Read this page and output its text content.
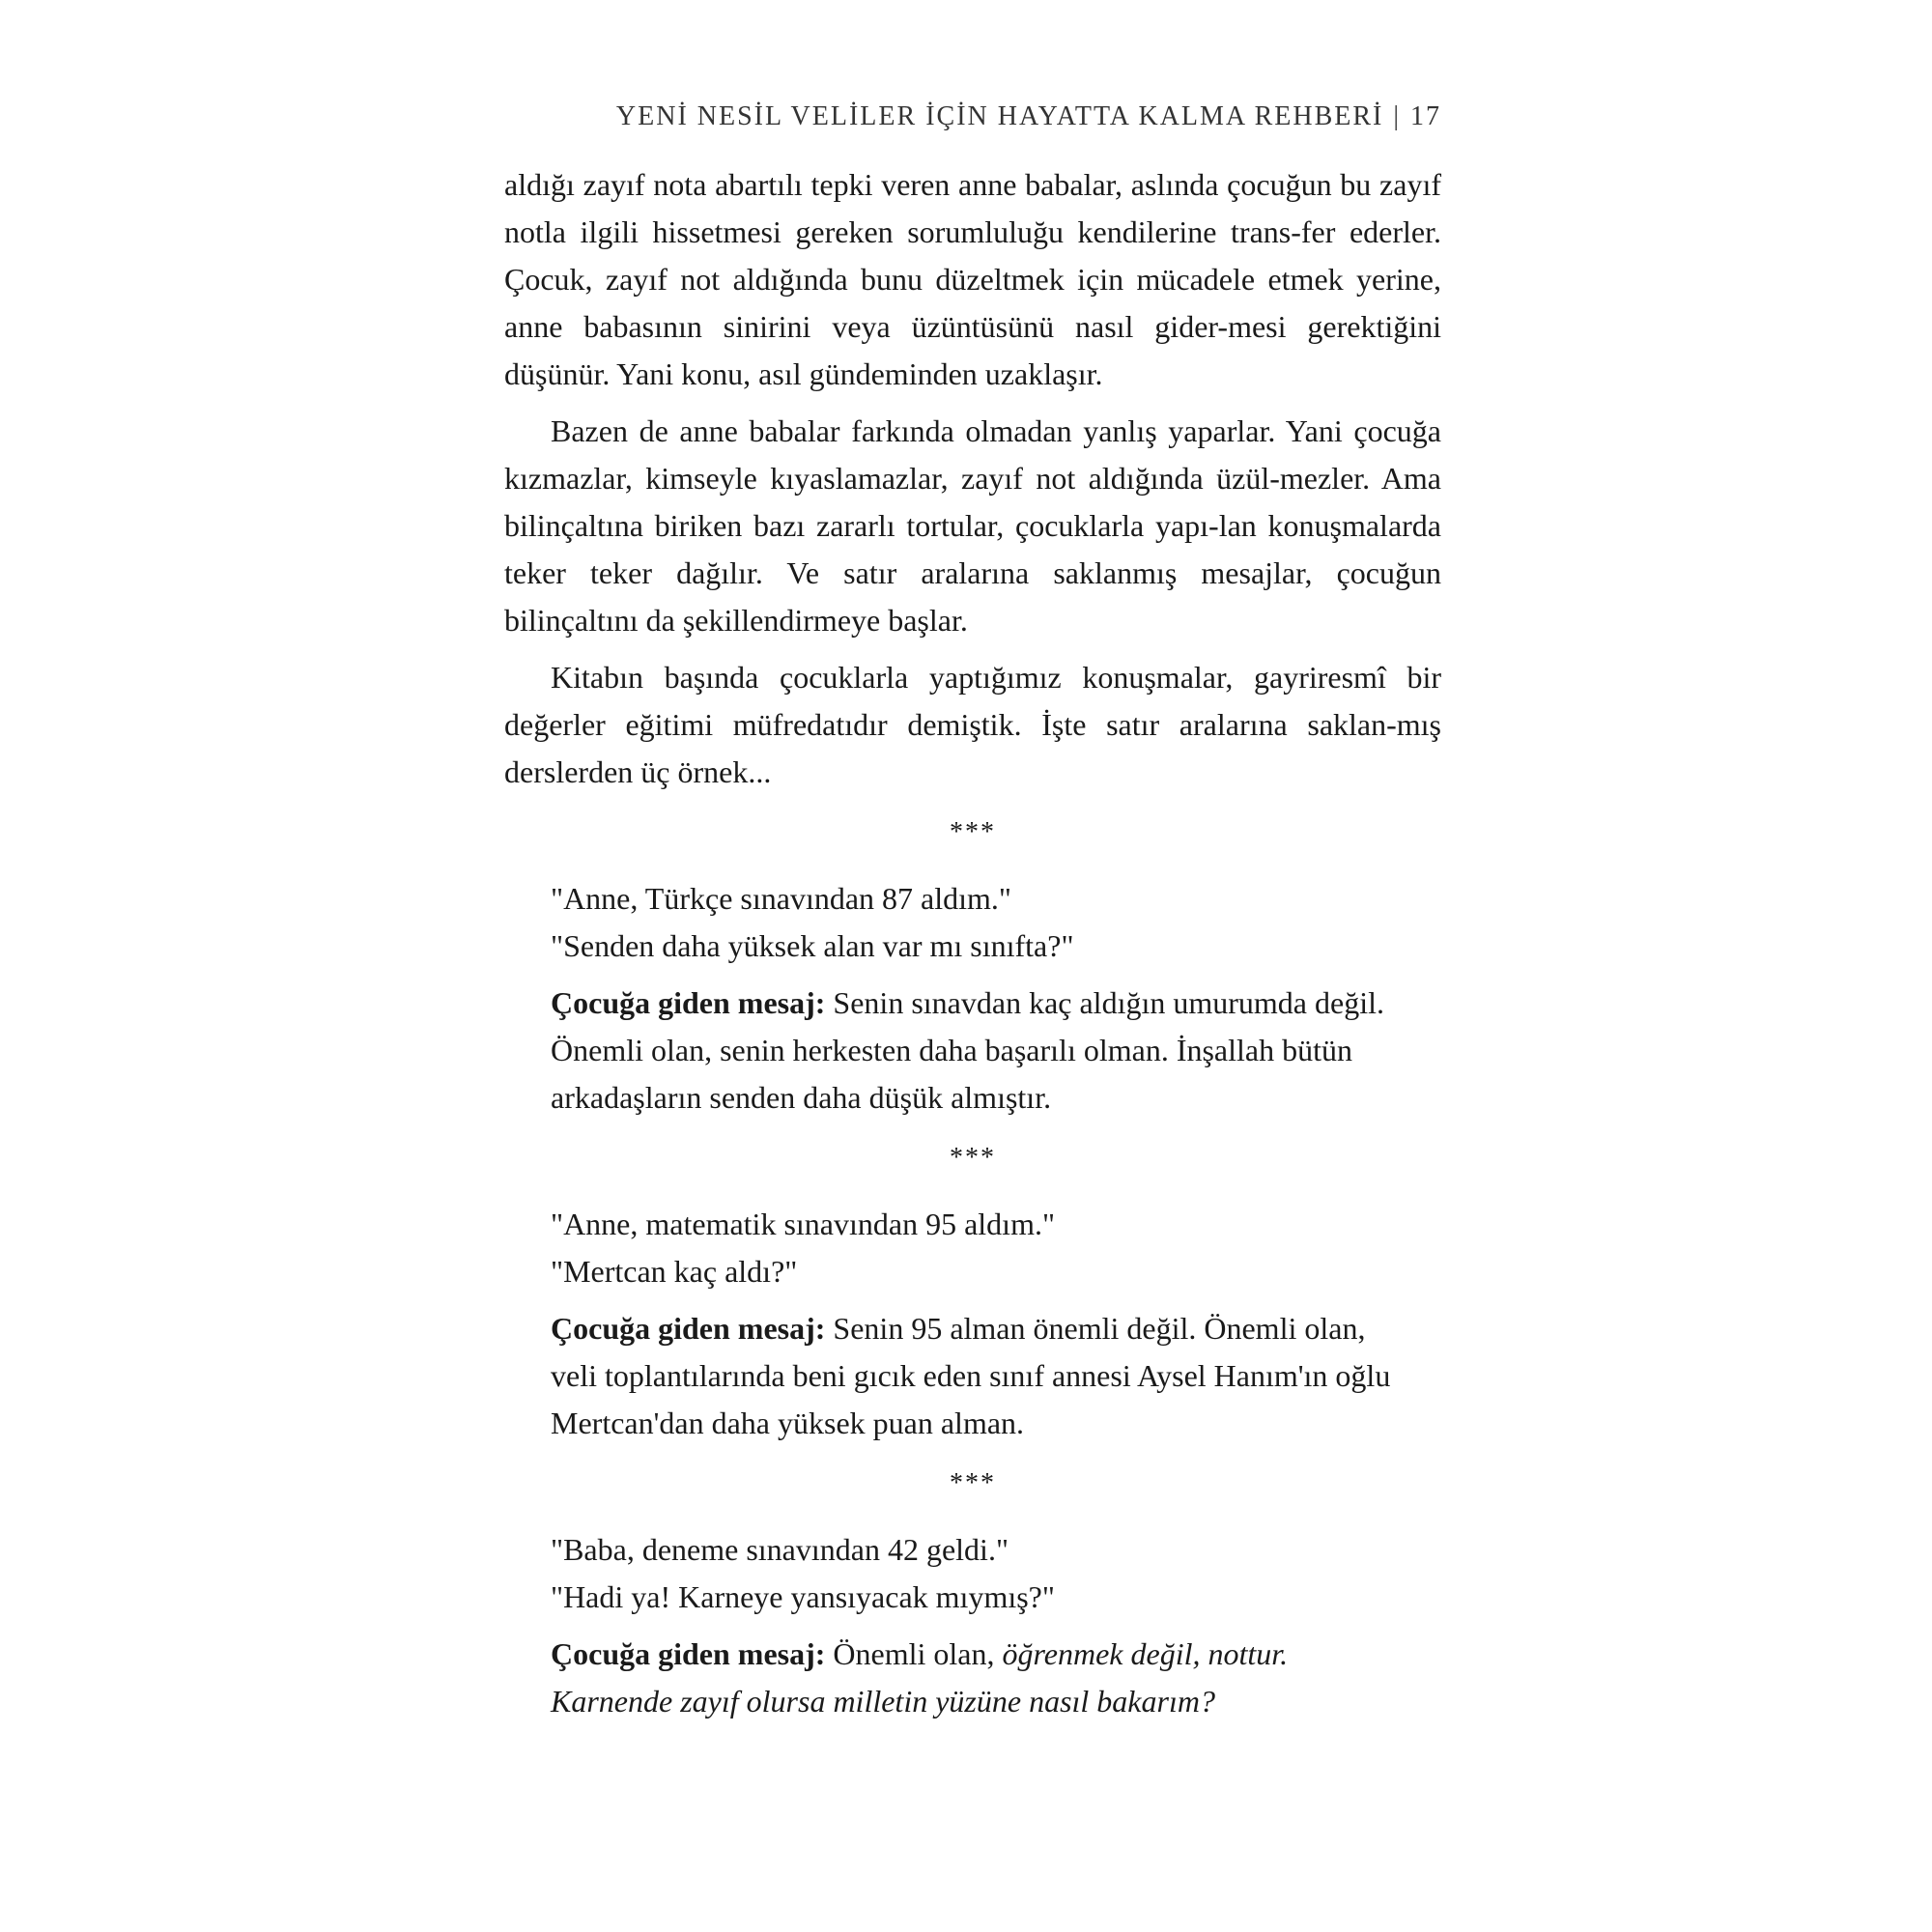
YENİ NESİL VELİLER İÇİN HAYATTA KALMA REHBERİ | 17

aldığı zayıf nota abartılı tepki veren anne babalar, aslında çocuğun bu zayıf notla ilgili hissetmesi gereken sorumluluğu kendilerine trans-fer ederler. Çocuk, zayıf not aldığında bunu düzeltmek için mücadele etmek yerine, anne babasının sinirini veya üzüntüsünü nasıl gider-mesi gerektiğini düşünür. Yani konu, asıl gündeminden uzaklaşır.

Bazen de anne babalar farkında olmadan yanlış yaparlar. Yani çocuğa kızmazlar, kimseyle kıyaslamazlar, zayıf not aldığında üzül-mezler. Ama bilinçaltına biriken bazı zararlı tortular, çocuklarla yapı-lan konuşmalarda teker teker dağılır. Ve satır aralarına saklanmış mesajlar, çocuğun bilinçaltını da şekillendirmeye başlar.

Kitabın başında çocuklarla yaptığımız konuşmalar, gayriresmî bir değerler eğitimi müfredatıdır demiştik. İşte satır aralarına saklan-mış derslerden üç örnek...

***

"Anne, Türkçe sınavından 87 aldım."

"Senden daha yüksek alan var mı sınıfta?"

Çocuğa giden mesaj: Senin sınavdan kaç aldığın umurumda değil. Önemli olan, senin herkesten daha başarılı olman. İnşallah bütün arkadaşların senden daha düşük almıştır.

***

"Anne, matematik sınavından 95 aldım."

"Mertcan kaç aldı?"

Çocuğa giden mesaj: Senin 95 alman önemli değil. Önemli olan, veli toplantılarında beni gıcık eden sınıf annesi Aysel Hanım'ın oğlu Mertcan'dan daha yüksek puan alman.

***

"Baba, deneme sınavından 42 geldi."

"Hadi ya! Karneye yansıyacak mıymış?"

Çocuğa giden mesaj: Önemli olan, öğrenmek değil, nottur. Karnende zayıf olursa milletin yüzüne nasıl bakarım?
